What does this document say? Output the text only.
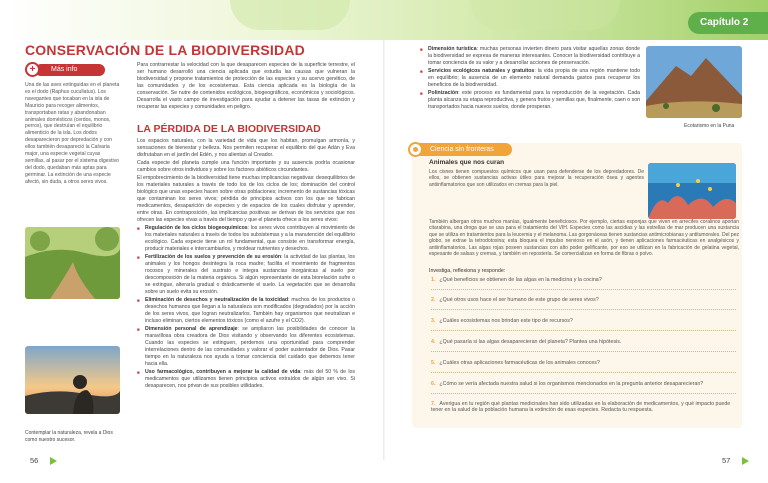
Capítulo 2
CONSERVACIÓN DE LA BIODIVERSIDAD
Más info
+
Una de las aves extinguidas en el planeta es el dodo (Raphus cucullatus). Los navegantes que tocaban en la isla de Mauricio para recoger alimentos, transportaban ratas y abandonaban animales domésticos (cerdos, monos, perros), que destruían el equilibrio alimenticio de la isla. Los dodos desaparecieron por depredación y con ellos también desapareció la Calvaria major, una especie vegetal cuyas semillas, al pasar por el sistema digestivo del dodo, quedaban más aptas para germinar. La extinción de una especie afectó, sin duda, a otros seres vivos.
Contemplar la naturaleza, revela a Dios como nuestro sucesor.

Para contrarrestar la velocidad con la que desaparecen especies de la superficie terrestre, el ser humano desarrolló una ciencia aplicada que estudia las causas que vulneran la biodiversidad y propone tratamientos de protección de las especies y su acervo genético, de las comunidades y de los ecosistemas. Esta ciencia aplicada es la biología de la conservación. Se nutre de contenidos ecológicos, biogeográficos, económicos y sociológicos. Desarrolla el vasto campo de investigación para ayudar a detener las tasas de extinción y recuperar las especies y comunidades en peligro.

LA PÉRDIDA DE LA BIODIVERSIDAD

Los espacios naturales, con la variedad de vida que los habitan, promulgan armonía, y sensaciones de bienestar y belleza. Nos permiten recuperar el equilibrio del que Adán y Eva disfrutaban en el jardín del Edén, y nos alientan al Creador.

Cada especie del planeta cumple una función importante y su ausencia podría ocasionar cambios sobre otros individuos y sobre los factores abióticos circundantes.

El empobrecimiento de la biodiversidad tiene muchas implicancias negativas: desequilibrios de los materiales naturales a través de todo los de los ciclos de los; dominación del control biológico que unas especies hacen sobre otras poblaciones; incremento de sustancias tóxicas que contaminan los seres vivos; pérdida de principios activos con los que se fabrican medicamentos, desaparición de especies y de espacios de los cuales disfrutar y aprender, entre otras. En contraposición, las implicancias positivas se derivan de los servicios que nos ofrecen las especies vivas a través del tiempo y que el planeta ofrece a los seres vivos:

■ Regulación de los ciclos biogeoquímicos: los seres vivos contribuyen al movimiento de los materiales naturales a través de todos los subsistemas y a la manutención del equilibrio ecológico. Cada especie tiene un rol fundamental, que consiste en transformar energía, producir materiales e intercambiarlos, y moldear nutrientes y desechos.
■ Fertilización de los suelos y prevención de su erosión: la actividad de las plantas, los animales y los hongos desintegra la roca madre; facilita el movimiento de fragmentos rocosos y minerales del sustrato e integra sustancias inorgánicas al suelo por descomposición de la materia orgánica. Si algún representante de esta biorelación sufre o se extingue, alteraría gradual o drásticamente el suelo. La vegetación que se desarrolla sobre un suelo evita su erosión.
■ Eliminación de desechos y neutralización de la toxicidad: muchos de los productos o desechos humanos que llegan a la naturaleza son modificados (degradados) por la acción de los seres vivos, que logran neutralizarlos. También hay organismos que neutralizan e incluso eliminan, ciertos elementos tóxicos (como el azufre y el CO2).
■ Dimensión personal de aprendizaje: se ampliaron las posibilidades de conocer la maravillosa obra creadora de Dios visitando y observando los diferentes ecosistemas. Cuando las especies se extinguen, perdemos una oportunidad para comprender interrelaciones dentro de las comunidades y valorar el poder sustentador de Dios. Pasar tiempo en la naturaleza nos ayuda a tomar conciencia del cuidado que debemos tener hacia ella.
■ Uso farmacológico, contribuyen a mejorar la calidad de vida: más del 50 % de los medicamentos que utilizamos tienen principios activos extraídos de algún ser vivo. Si desaparecen, nos privan de sus posibles utilidades.
56
■ Dimensión turística: muchas personas invierten dinero para visitar aquellas zonas donde la biodiversidad se expresa de maneras interesantes. Conocer la biodiversidad contribuye a tomar conciencia de su valor y a desarrollar acciones de preservación.
■ Servicios ecológicos naturales y gratuitos: la vida propia de una región mantiene todo en equilibrio; la ausencia de un elemento natural demanda gastos para recuperar los beneficios de la biodiversidad.
■ Polinización: este proceso es fundamental para la reproducción de la vegetación. Cada planta alcanza su etapa reproductiva, y genera frutos y semillas que, finalmente, caen o son transportados hacia nuevos suelos, donde prosperan.
Ecotarismo en la Puna
Ciencia sin fronteras
Animales que nos curan
Los cisnes tienen compuestos químicos que usan para defenderse de los depredadores. De ellos, se obtienen sustancias activas útiles para mejorar la recuperación ósea y agentes antiinflamatorios que son utilizados en cremas para la piel.
También albergan otros muchos manías, igualmente beneficiosos. Por ejemplo, ciertas esponjas que viven en arrecifes coralinos aportan citarabina, una droga que se usa para el tratamiento del VIH. Especies como las ascidias y las estrellas de mar producen una sustancia que se utiliza en tratamientos para la leucemia y el melanoma. Las gorgonáceas tienen sustancias antimicrobianas y antitumorales. Del pez globo, se extrae la tetrodotoxina; esta bloquea el impulso nervioso en el axón, y tienen aplicaciones farmacéuticas en analgésicos y antiinflamatorios. Las algas rojas poseen sustancias con alto poder gelificante, por eso se utilizan en la fabricación de gelatina vegetal, espesante de salsas y cremas, y también en repostería. Se comercializan en forma de fibras o polvo.
Investiga, reflexiona y responde:
1. ¿Qué beneficios se obtienen de las algas en la medicina y la cocina?
2. ¿Qué otros usos hace el ser humano de este grupo de seres vivos?
3. ¿Cuáles ecosistemas nos brindan este tipo de recursos?
4. ¿Qué pasaría si las algas desaparecieran del planeta? Plantea una hipótesis.
5. ¿Cuáles otras aplicaciones farmacéuticas de los animales conoces?
6. ¿Cómo se vería afectada nuestra salud si los organismos mencionados en la pregunta anterior desaparecieran?
7. Averigua en tu región qué plantas medicinales han sido utilizadas en la elaboración de medicamentos, y qué impacto puede tener en la salud de la población humana la extinción de esas especies. Redacta tu respuesta.
57
